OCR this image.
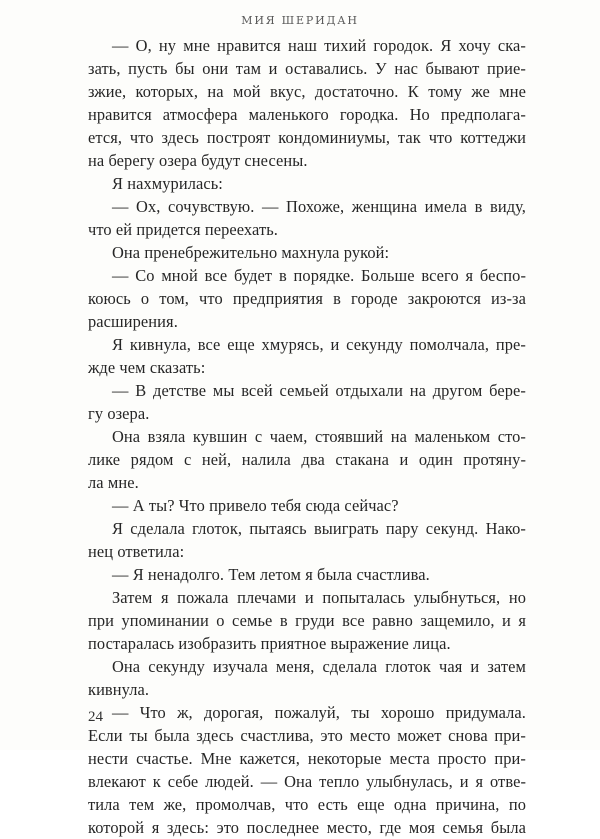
МИЯ ШЕРИДАН
— О, ну мне нравится наш тихий городок. Я хочу ска-
зать, пусть бы они там и оставались. У нас бывают прие-
зжие, которых, на мой вкус, достаточно. К тому же мне
нравится атмосфера маленького городка. Но предполага-
ется, что здесь построят кондоминиумы, так что коттеджи
на берегу озера будут снесены.
Я нахмурилась:
— Ох, сочувствую. — Похоже, женщина имела в виду,
что ей придется переехать.
Она пренебрежительно махнула рукой:
— Со мной все будет в порядке. Больше всего я беспо-
коюсь о том, что предприятия в городе закроются из-за
расширения.
Я кивнула, все еще хмурясь, и секунду помолчала, пре-
жде чем сказать:
— В детстве мы всей семьей отдыхали на другом бере-
гу озера.
Она взяла кувшин с чаем, стоявший на маленьком сто-
лике рядом с ней, налила два стакана и один протяну-
ла мне.
— А ты? Что привело тебя сюда сейчас?
Я сделала глоток, пытаясь выиграть пару секунд. Нако-
нец ответила:
— Я ненадолго. Тем летом я была счастлива.
Затем я пожала плечами и попыталась улыбнуться, но
при упоминании о семье в груди все равно защемило, и я
постаралась изобразить приятное выражение лица.
Она секунду изучала меня, сделала глоток чая и затем
кивнула.
— Что ж, дорогая, пожалуй, ты хорошо придумала.
Если ты была здесь счастлива, это место может снова при-
нести счастье. Мне кажется, некоторые места просто при-
влекают к себе людей. — Она тепло улыбнулась, и я отве-
тила тем же, промолчав, что есть еще одна причина, по
которой я здесь: это последнее место, где моя семья была
24
